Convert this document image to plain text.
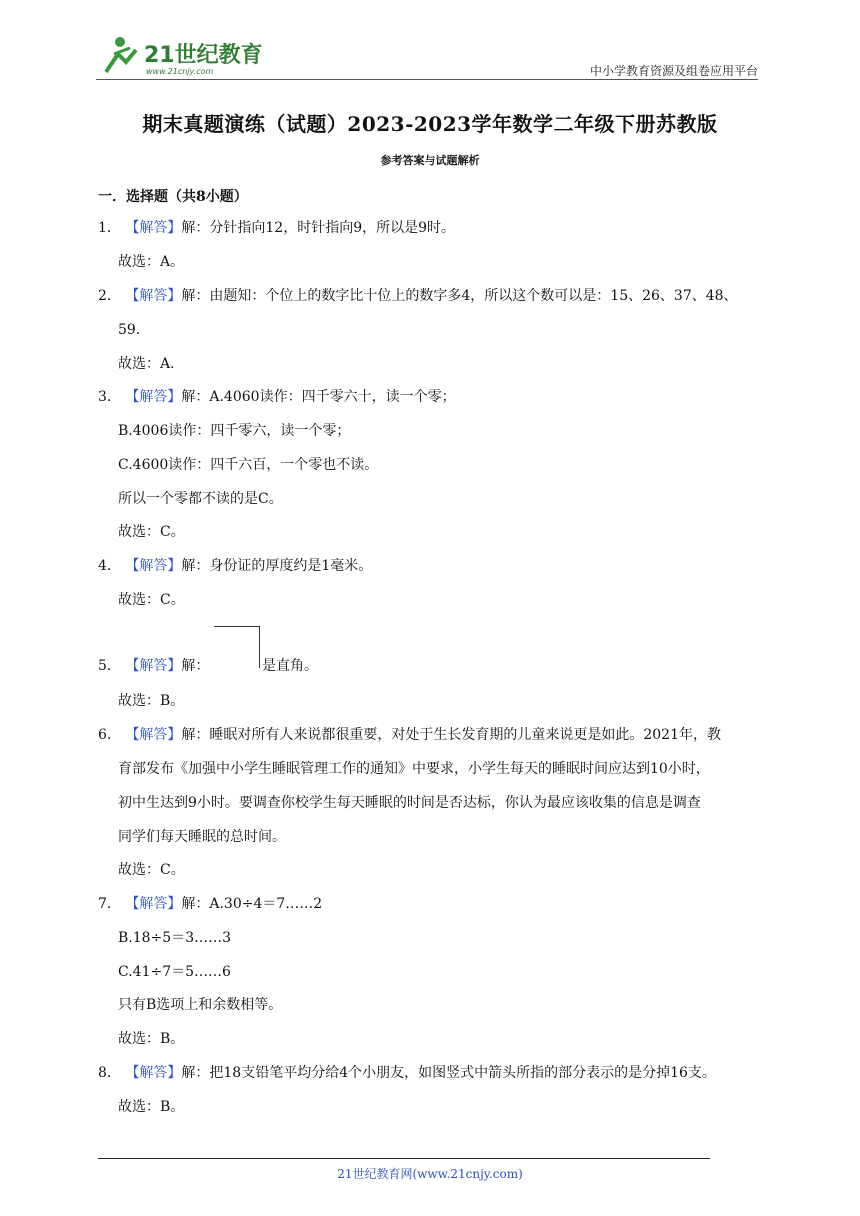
21世纪教育
www.21cnjy.com	中小学教育资源及组卷应用平台
期末真题演练（试题）2023-2023学年数学二年级下册苏教版
参考答案与试题解析
一．选择题（共8小题）
1． 【解答】解：分针指向12，时针指向9，所以是9时。
故选：A。
2． 【解答】解：由题知：个位上的数字比十位上的数字多4，所以这个数可以是：15、26、37、48、
59．
故选：A．
3． 【解答】解：A.4060读作：四千零六十，读一个零；
B.4006读作：四千零六，读一个零；
C.4600读作：四千六百，一个零也不读。
所以一个零都不读的是C。
故选：C。
4． 【解答】解：身份证的厚度约是1毫米。
故选：C。
5． 【解答】解：	是直角。
故选：B。
6． 【解答】解：睡眠对所有人来说都很重要，对处于生长发育期的儿童来说更是如此。2021年，教
育部发布《加强中小学生睡眠管理工作的通知》中要求，小学生每天的睡眠时间应达到10小时，
初中生达到9小时。要调查你校学生每天睡眠的时间是否达标，你认为最应该收集的信息是调查
同学们每天睡眠的总时间。
故选：C。
7． 【解答】解：A.30÷4＝7……2
B.18÷5＝3……3
C.41÷7＝5……6
只有B选项上和余数相等。
故选：B。
8． 【解答】解：把18支铅笔平均分给4个小朋友，如图竖式中箭头所指的部分表示的是分掉16支。
故选：B。
21世纪教育网(www.21cnjy.com)
